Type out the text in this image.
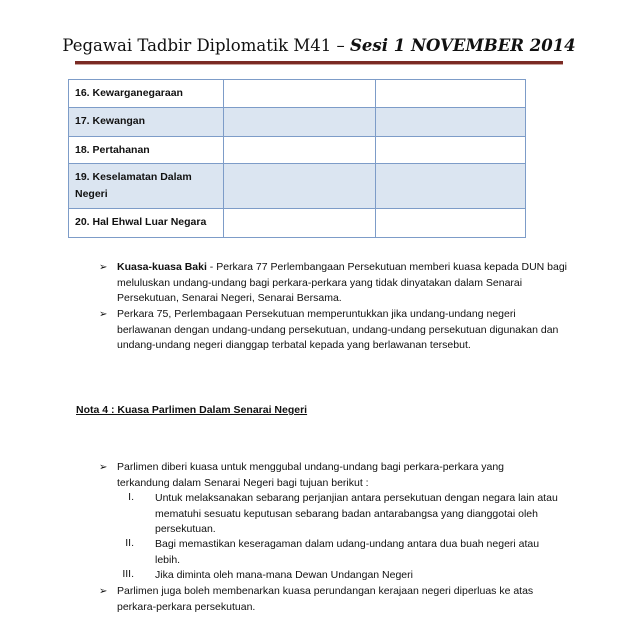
Pegawai Tadbir Diplomatik M41 – Sesi 1 NOVEMBER 2014
16. Kewarganegaraan		
17. Kewangan		
18. Pertahanan		
19. Keselamatan Dalam Negeri		
20. Hal Ehwal Luar Negara		
➢ Kuasa-kuasa Baki - Perkara 77 Perlembangaan Persekutuan memberi kuasa kepada DUN bagi meluluskan undang-undang bagi perkara-perkara yang tidak dinyatakan dalam Senarai Persekutuan, Senarai Negeri, Senarai Bersama.
➢ Perkara 75, Perlembagaan Persekutuan memperuntukkan jika undang-undang negeri berlawanan dengan undang-undang persekutuan, undang-undang persekutuan digunakan dan undang-undang negeri dianggap terbatal kepada yang berlawanan tersebut.
Nota 4 : Kuasa Parlimen Dalam Senarai Negeri
➢ Parlimen diberi kuasa untuk menggubal undang-undang bagi perkara-perkara yang terkandung dalam Senarai Negeri bagi tujuan berikut :
I. Untuk melaksanakan sebarang perjanjian antara persekutuan dengan negara lain atau mematuhi sesuatu keputusan sebarang badan antarabangsa yang dianggotai oleh persekutuan.
II. Bagi memastikan keseragaman dalam udang-undang antara dua buah negeri atau lebih.
III. Jika diminta oleh mana-mana Dewan Undangan Negeri
➢ Parlimen juga boleh membenarkan kuasa perundangan kerajaan negeri diperluas ke atas perkara-perkara persekutuan.
